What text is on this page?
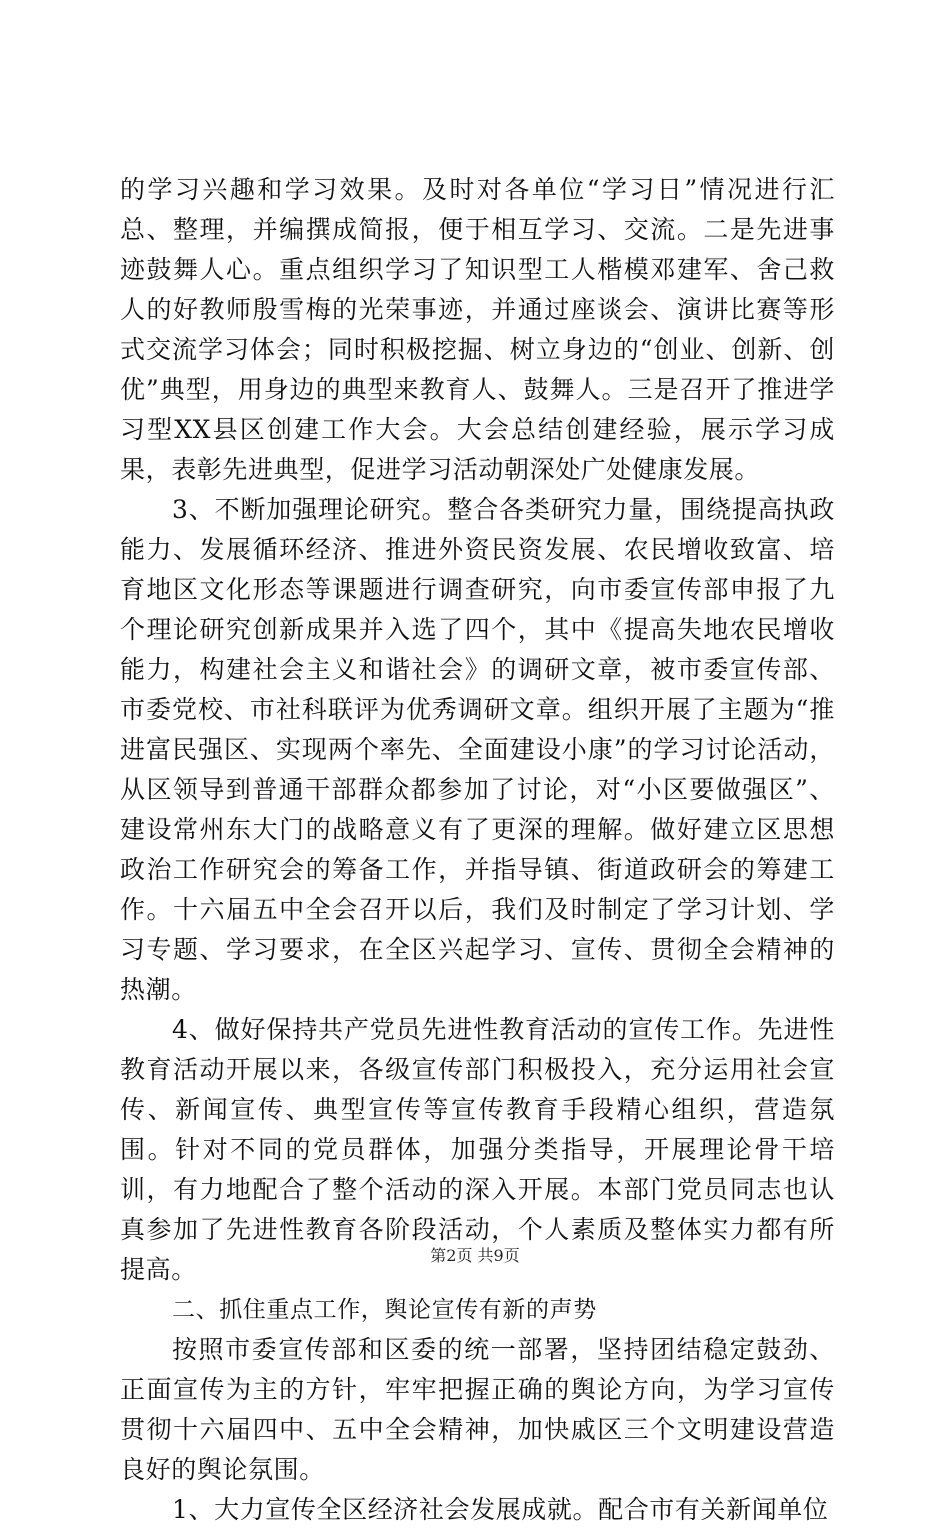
的学习兴趣和学习效果。及时对各单位“学习日”情况进行汇总、整理，并编撰成简报，便于相互学习、交流。二是先进事迹鼓舞人心。重点组织学习了知识型工人楷模邓建军、舍己救人的好教师殷雪梅的光荣事迹，并通过座谈会、演讲比赛等形式交流学习体会；同时积极挖掘、树立身边的“创业、创新、创优”典型，用身边的典型来教育人、鼓舞人。三是召开了推进学习型XX县区创建工作大会。大会总结创建经验，展示学习成果，表彰先进典型，促进学习活动朝深处广处健康发展。

3、不断加强理论研究。整合各类研究力量，围绕提高执政能力、发展循环经济、推进外资民资发展、农民增收致富、培育地区文化形态等课题进行调查研究，向市委宣传部申报了九个理论研究创新成果并入选了四个，其中《提高失地农民增收能力，构建社会主义和谐社会》的调研文章，被市委宣传部、市委党校、市社科联评为优秀调研文章。组织开展了主题为“推进富民强区、实现两个率先、全面建设小康”的学习讨论活动，从区领导到普通干部群众都参加了讨论，对“小区要做强区”、建设常州东大门的战略意义有了更深的理解。做好建立区思想政治工作研究会的筹备工作，并指导镇、街道政研会的筹建工作。十六届五中全会召开以后，我们及时制定了学习计划、学习专题、学习要求，在全区兴起学习、宣传、贯彻全会精神的热潮。

4、做好保持共产党员先进性教育活动的宣传工作。先进性教育活动开展以来，各级宣传部门积极投入，充分运用社会宣传、新闻宣传、典型宣传等宣传教育手段精心组织，营造氛围。针对不同的党员群体，加强分类指导，开展理论骨干培训，有力地配合了整个活动的深入开展。本部门党员同志也认真参加了先进性教育各阶段活动，个人素质及整体实力都有所提高。

二、抓住重点工作，舆论宣传有新的声势

按照市委宣传部和区委的统一部署，坚持团结稳定鼓劲、正面宣传为主的方针，牢牢把握正确的舆论方向，为学习宣传贯彻十六届四中、五中全会精神，加快戚区三个文明建设营造良好的舆论氛围。

1、大力宣传全区经济社会发展成就。配合市有关新闻单位

第2页 共9页
